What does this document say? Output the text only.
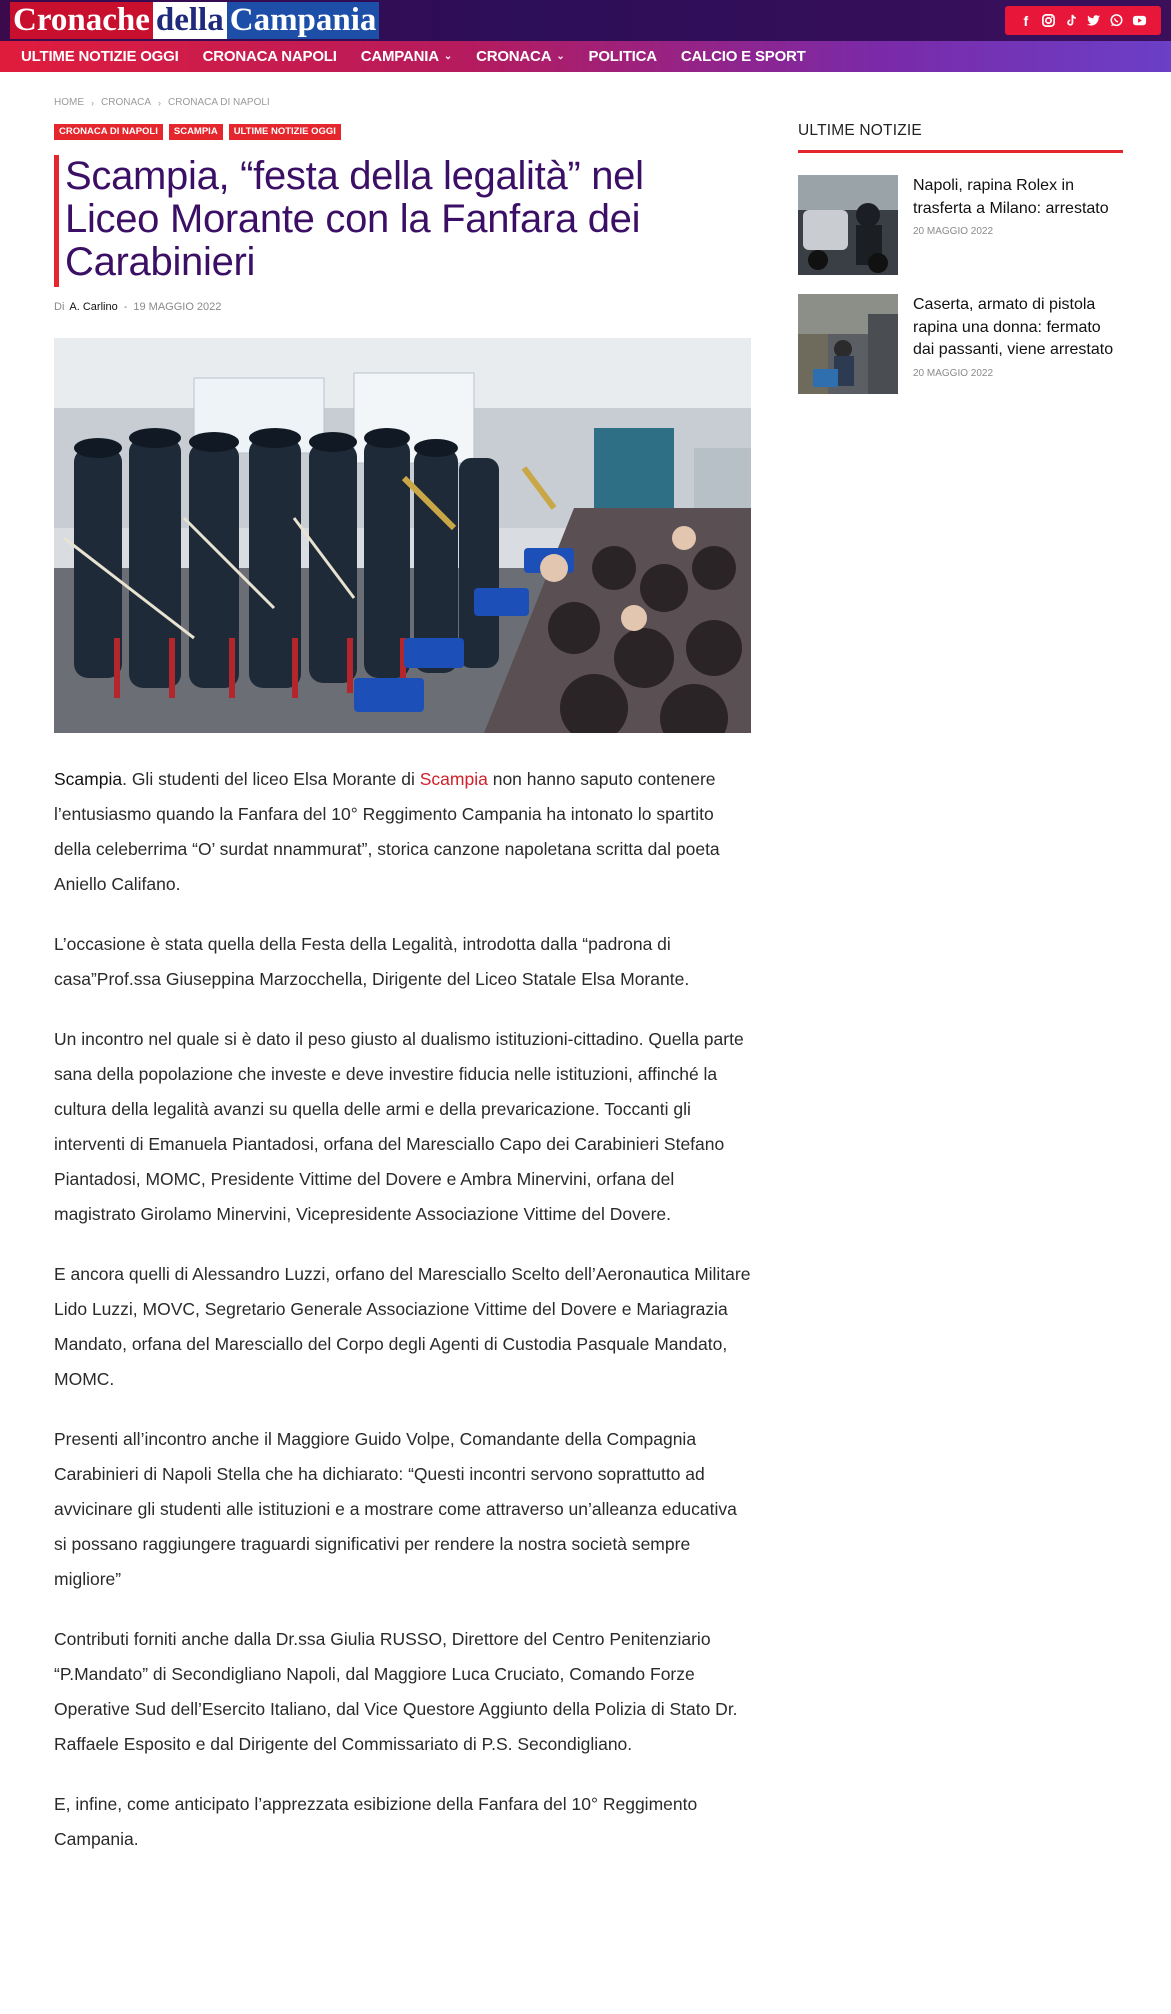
Cronache della Campania	f
ULTIME NOTIZIE OGGI CRONACA NAPOLI CAMPANIA ⌄ CRONACA ⌄ POLITICA CALCIO E SPORT
HOME › CRONACA › CRONACA DI NAPOLI
CRONACA DI NAPOLI	SCAMPIA	ULTIME NOTIZIE OGGI
Scampia, “festa della legalità” nel Liceo Morante con la Fanfara dei Carabinieri
Di A. Carlino - 19 MAGGIO 2022

Scampia. Gli studenti del liceo Elsa Morante di Scampia non hanno saputo contenere l’entusiasmo quando la Fanfara del 10° Reggimento Campania ha intonato lo spartito della celeberrima “O’ surdat nnammurat”, storica canzone napoletana scritta dal poeta Aniello Califano.

L’occasione è stata quella della Festa della Legalità, introdotta dalla “padrona di casa”Prof.ssa Giuseppina Marzocchella, Dirigente del Liceo Statale Elsa Morante.

Un incontro nel quale si è dato il peso giusto al dualismo istituzioni-cittadino. Quella parte sana della popolazione che investe e deve investire fiducia nelle istituzioni, affinché la cultura della legalità avanzi su quella delle armi e della prevaricazione. Toccanti gli interventi di Emanuela Piantadosi, orfana del Maresciallo Capo dei Carabinieri Stefano Piantadosi, MOMC, Presidente Vittime del Dovere e Ambra Minervini, orfana del magistrato Girolamo Minervini, Vicepresidente Associazione Vittime del Dovere.

E ancora quelli di Alessandro Luzzi, orfano del Maresciallo Scelto dell’Aeronautica Militare Lido Luzzi, MOVC, Segretario Generale Associazione Vittime del Dovere e Mariagrazia Mandato, orfana del Maresciallo del Corpo degli Agenti di Custodia Pasquale Mandato, MOMC.

Presenti all’incontro anche il Maggiore Guido Volpe, Comandante della Compagnia Carabinieri di Napoli Stella che ha dichiarato: “Questi incontri servono soprattutto ad avvicinare gli studenti alle istituzioni e a mostrare come attraverso un’alleanza educativa si possano raggiungere traguardi significativi per rendere la nostra società sempre migliore”

Contributi forniti anche dalla Dr.ssa Giulia RUSSO, Direttore del Centro Penitenziario “P.Mandato” di Secondigliano Napoli, dal Maggiore Luca Cruciato, Comando Forze Operative Sud dell’Esercito Italiano, dal Vice Questore Aggiunto della Polizia di Stato Dr. Raffaele Esposito e dal Dirigente del Commissariato di P.S. Secondigliano.

E, infine, come anticipato l’apprezzata esibizione della Fanfara del 10° Reggimento Campania.

ULTIME NOTIZIE
Napoli, rapina Rolex in trasferta a Milano: arrestato
20 MAGGIO 2022
Caserta, armato di pistola rapina una donna: fermato dai passanti, viene arrestato
20 MAGGIO 2022
